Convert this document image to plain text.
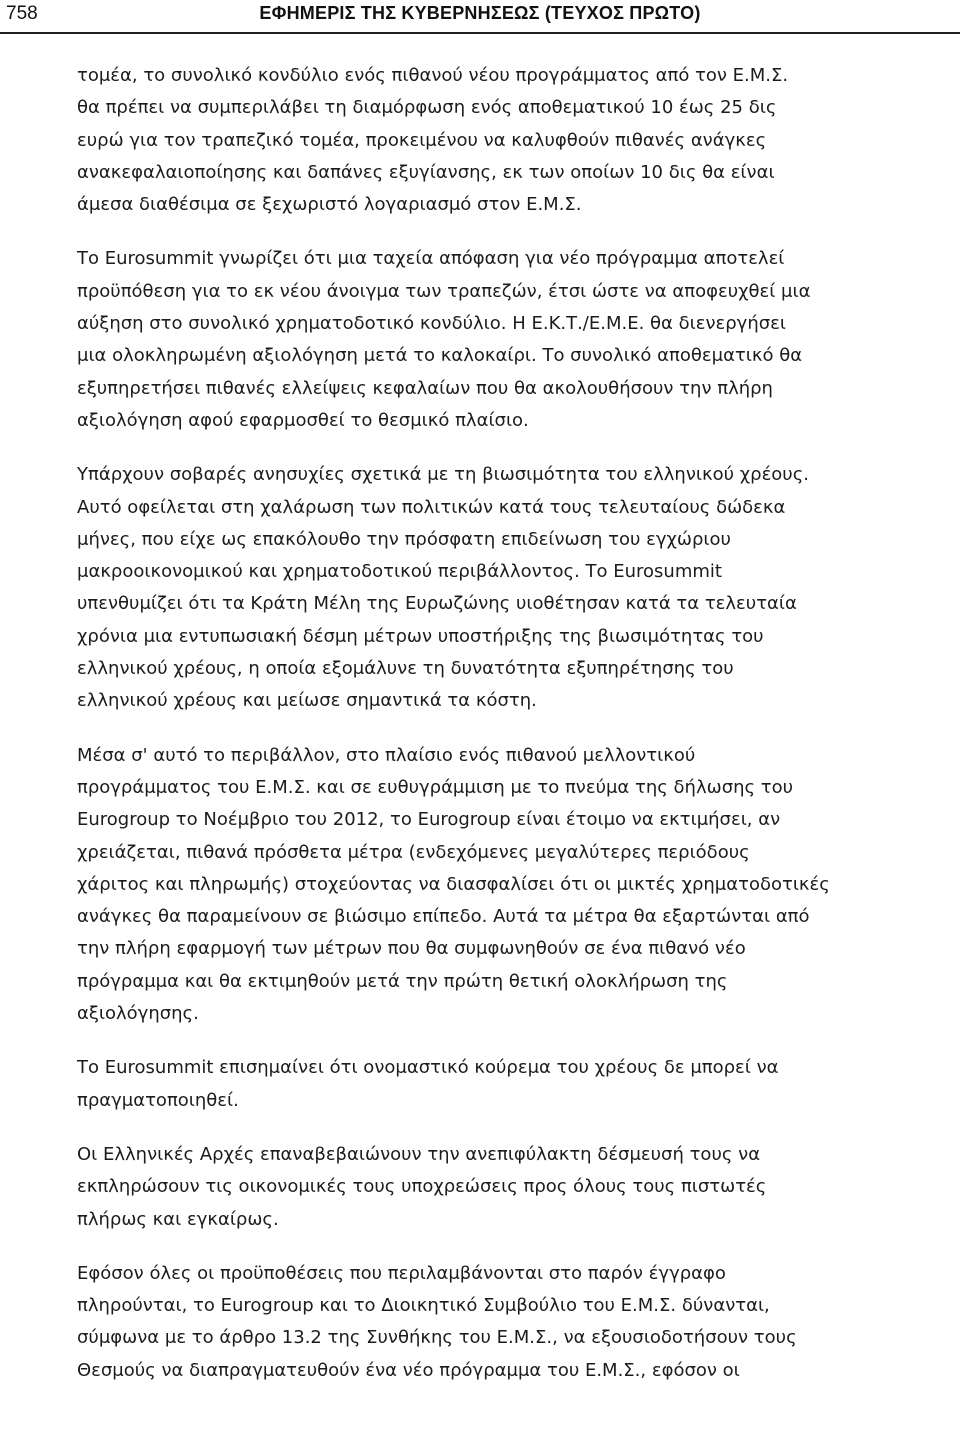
758	ΕΦΗΜΕΡΙΣ ΤΗΣ ΚΥΒΕΡΝΗΣΕΩΣ (ΤΕΥΧΟΣ ΠΡΩΤΟ)

τομέα, το συνολικό κονδύλιο ενός πιθανού νέου προγράμματος από τον Ε.Μ.Σ.
θα πρέπει να συμπεριλάβει τη διαμόρφωση ενός αποθεματικού 10 έως 25 δις
ευρώ για τον τραπεζικό τομέα, προκειμένου να καλυφθούν πιθανές ανάγκες
ανακεφαλαιοποίησης και δαπάνες εξυγίανσης, εκ των οποίων 10 δις θα είναι
άμεσα διαθέσιμα σε ξεχωριστό λογαριασμό στον Ε.Μ.Σ.

Το Eurosummit γνωρίζει ότι μια ταχεία απόφαση για νέο πρόγραμμα αποτελεί
προϋπόθεση για το εκ νέου άνοιγμα των τραπεζών, έτσι ώστε να αποφευχθεί μια
αύξηση στο συνολικό χρηματοδοτικό κονδύλιο. Η Ε.Κ.Τ./Ε.Μ.Ε. θα διενεργήσει
μια ολοκληρωμένη αξιολόγηση μετά το καλοκαίρι. Το συνολικό αποθεματικό θα
εξυπηρετήσει πιθανές ελλείψεις κεφαλαίων που θα ακολουθήσουν την πλήρη
αξιολόγηση αφού εφαρμοσθεί το θεσμικό πλαίσιο.

Υπάρχουν σοβαρές ανησυχίες σχετικά με τη βιωσιμότητα του ελληνικού χρέους.
Αυτό οφείλεται στη χαλάρωση των πολιτικών κατά τους τελευταίους δώδεκα
μήνες, που είχε ως επακόλουθο την πρόσφατη επιδείνωση του εγχώριου
μακροοικονομικού και χρηματοδοτικού περιβάλλοντος. Το Eurosummit
υπενθυμίζει ότι τα Κράτη Μέλη της Ευρωζώνης υιοθέτησαν κατά τα τελευταία
χρόνια μια εντυπωσιακή δέσμη μέτρων υποστήριξης της βιωσιμότητας του
ελληνικού χρέους, η οποία εξομάλυνε τη δυνατότητα εξυπηρέτησης του
ελληνικού χρέους και μείωσε σημαντικά τα κόστη.

Μέσα σ' αυτό το περιβάλλον, στο πλαίσιο ενός πιθανού μελλοντικού
προγράμματος του Ε.Μ.Σ. και σε ευθυγράμμιση με το πνεύμα της δήλωσης του
Eurogroup το Νοέμβριο του 2012, το Eurogroup είναι έτοιμο να εκτιμήσει, αν
χρειάζεται, πιθανά πρόσθετα μέτρα (ενδεχόμενες μεγαλύτερες περιόδους
χάριτος και πληρωμής) στοχεύοντας να διασφαλίσει ότι οι μικτές χρηματοδοτικές
ανάγκες θα παραμείνουν σε βιώσιμο επίπεδο. Αυτά τα μέτρα θα εξαρτώνται από
την πλήρη εφαρμογή των μέτρων που θα συμφωνηθούν σε ένα πιθανό νέο
πρόγραμμα και θα εκτιμηθούν μετά την πρώτη θετική ολοκλήρωση της
αξιολόγησης.

Το Eurosummit επισημαίνει ότι ονομαστικό κούρεμα του χρέους δε μπορεί να
πραγματοποιηθεί.

Οι Ελληνικές Αρχές επαναβεβαιώνουν την ανεπιφύλακτη δέσμευσή τους να
εκπληρώσουν τις οικονομικές τους υποχρεώσεις προς όλους τους πιστωτές
πλήρως και εγκαίρως.

Εφόσον όλες οι προϋποθέσεις που περιλαμβάνονται στο παρόν έγγραφο
πληρούνται, το Eurogroup και το Διοικητικό Συμβούλιο του Ε.Μ.Σ. δύνανται,
σύμφωνα με το άρθρο 13.2 της Συνθήκης του Ε.Μ.Σ., να εξουσιοδοτήσουν τους
Θεσμούς να διαπραγματευθούν ένα νέο πρόγραμμα του Ε.Μ.Σ., εφόσον οι
